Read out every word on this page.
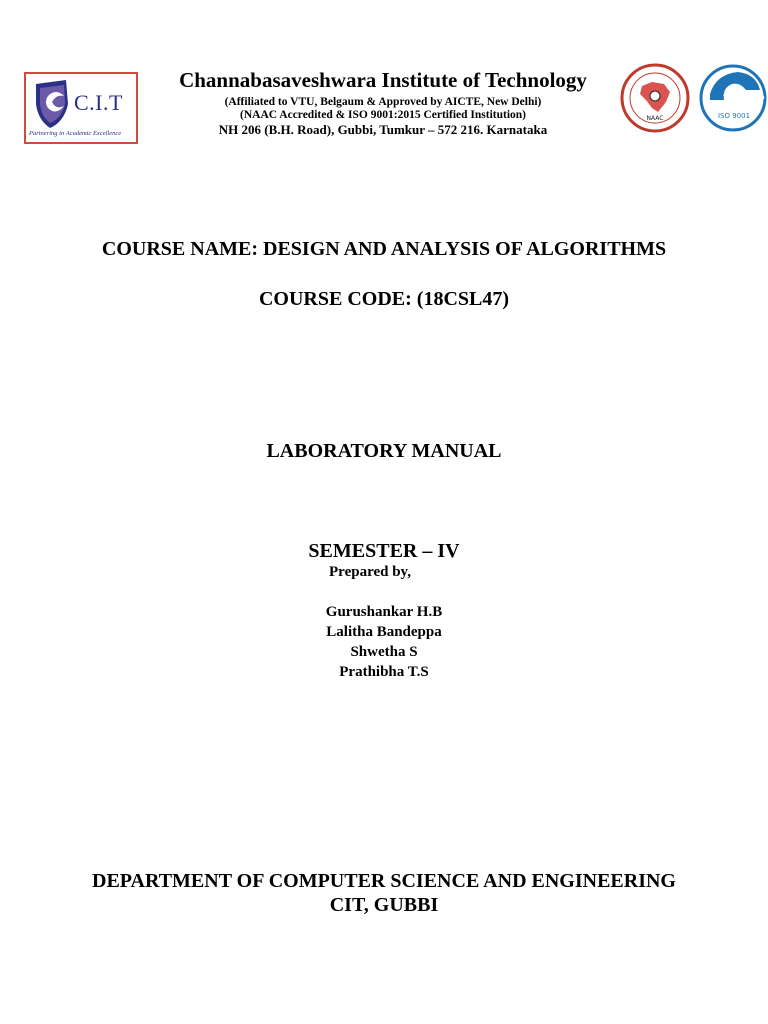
C.I.T
Partnering in Academic Excellence
Channabasaveshwara Institute of Technology
(Affiliated to VTU, Belgaum & Approved by AICTE, New Delhi)
(NAAC Accredited & ISO 9001:2015 Certified Institution)
NH 206 (B.H. Road), Gubbi, Tumkur – 572 216. Karnataka
NAAC
TÜV NORD
ISO 9001
COURSE NAME: DESIGN AND ANALYSIS OF ALGORITHMS
COURSE CODE: (18CSL47)
LABORATORY MANUAL
SEMESTER – IV
Prepared by,
Gurushankar H.B
Lalitha Bandeppa
Shwetha S
Prathibha T.S
DEPARTMENT OF COMPUTER SCIENCE AND ENGINEERING
CIT, GUBBI
